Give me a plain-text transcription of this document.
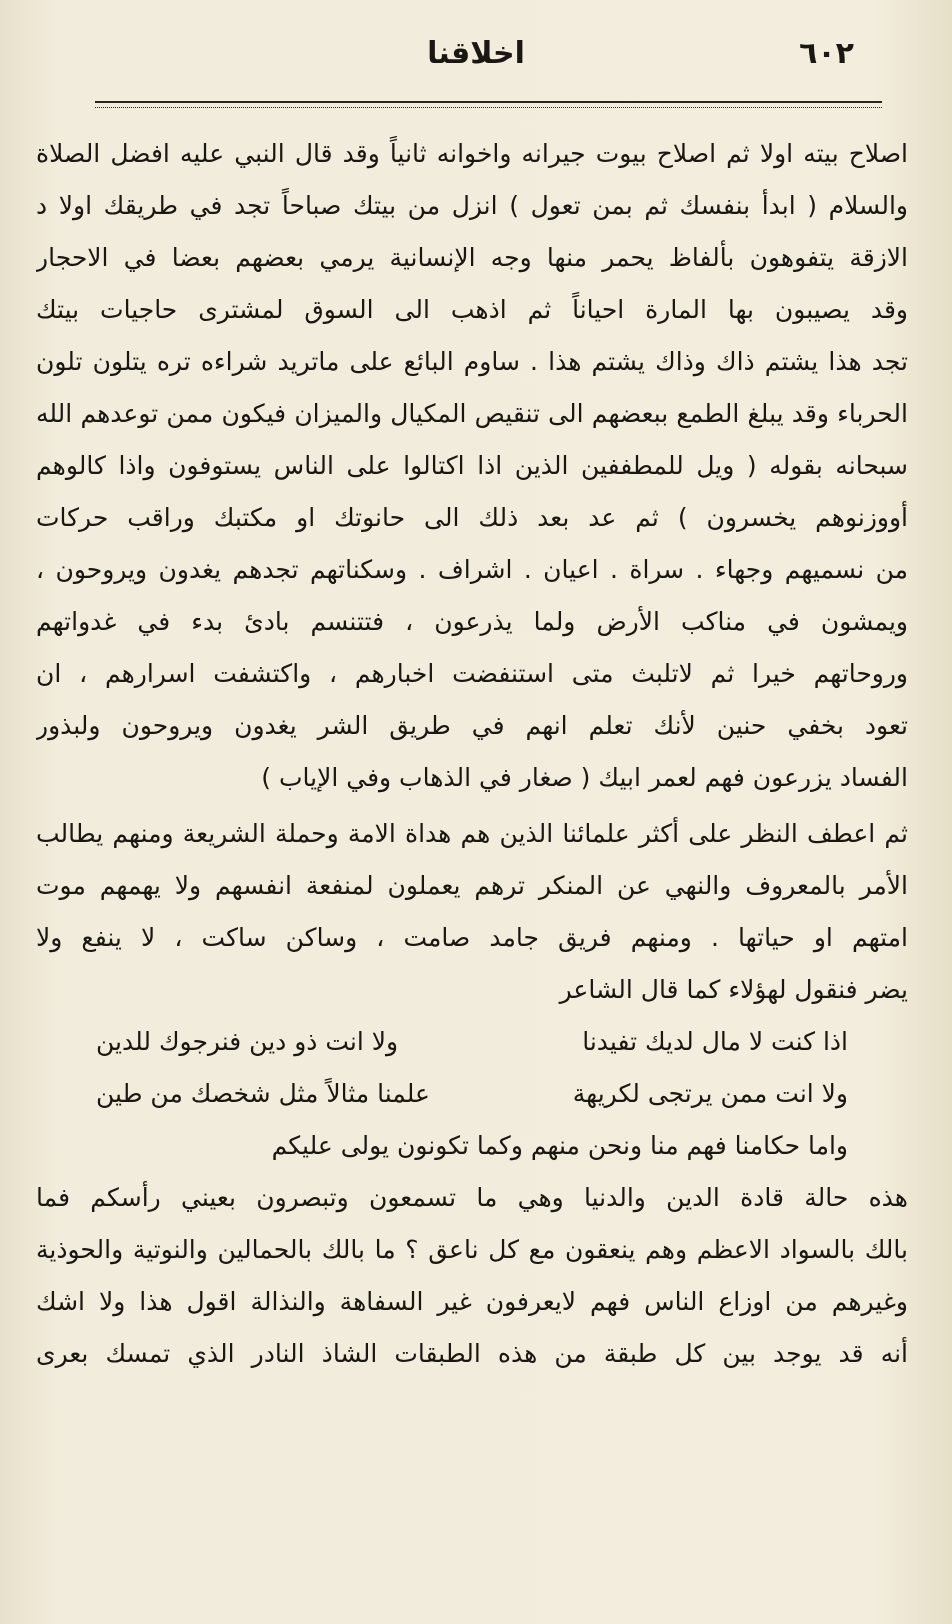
٦٠٢
اخلاقنا
اصلاح بيته اولا ثم اصلاح بيوت جيرانه واخوانه ثانياً وقد قال النبي عليه افضل الصلاة
والسلام ( ابدأ بنفسك ثم بمن تعول ) انزل من بيتك صباحاً تجد في طريقك اولا د
الازقة يتفوهون بألفاظ يحمر منها وجه الإنسانية يرمي بعضهم بعضا في الاحجار
وقد يصيبون بها المارة احياناً ثم اذهب الى السوق لمشترى حاجيات بيتك
تجد هذا يشتم ذاك وذاك يشتم هذا . ساوم البائع على ماتريد شراءه تره يتلون تلون
الحرباء وقد يبلغ الطمع ببعضهم الى تنقيص المكيال والميزان فيكون ممن توعدهم الله
سبحانه بقوله ( ويل للمطففين الذين اذا اكتالوا على الناس يستوفون واذا كالوهم
أووزنوهم يخسرون ) ثم عد بعد ذلك الى حانوتك او مكتبك وراقب حركات
من نسميهم وجهاء . سراة . اعيان . اشراف . وسكناتهم تجدهم يغدون ويروحون ،
ويمشون في مناكب الأرض ولما يذرعون ، فتتنسم بادئ بدء في غدواتهم
وروحاتهم خيرا ثم لاتلبث متى استنفضت اخبارهم ، واكتشفت اسرارهم ، ان
تعود بخفي حنين لأنك تعلم انهم في طريق الشر يغدون ويروحون ولبذور
الفساد يزرعون فهم لعمر ابيك ( صغار في الذهاب وفي الإياب )
ثم اعطف النظر على أكثر علمائنا الذين هم هداة الامة وحملة الشريعة ومنهم يطالب
الأمر بالمعروف والنهي عن المنكر ترهم يعملون لمنفعة انفسهم ولا يهمهم موت
امتهم او حياتها . ومنهم فريق جامد صامت ، وساكن ساكت ، لا ينفع ولا
يضر فنقول لهؤلاء كما قال الشاعر
اذا كنت لا مال لديك تفيدنا
ولا انت ذو دين فنرجوك للدين
ولا انت ممن يرتجى لكريهة
علمنا مثالاً مثل شخصك من طين
واما حكامنا فهم منا ونحن منهم وكما تكونون يولى عليكم
هذه حالة قادة الدين والدنيا وهي ما تسمعون وتبصرون بعيني رأسكم فما
بالك بالسواد الاعظم وهم ينعقون مع كل ناعق ؟ ما بالك بالحمالين والنوتية والحوذية
وغيرهم من اوزاع الناس فهم لايعرفون غير السفاهة والنذالة اقول هذا ولا اشك
أنه قد يوجد بين كل طبقة من هذه الطبقات الشاذ النادر الذي تمسك بعرى
